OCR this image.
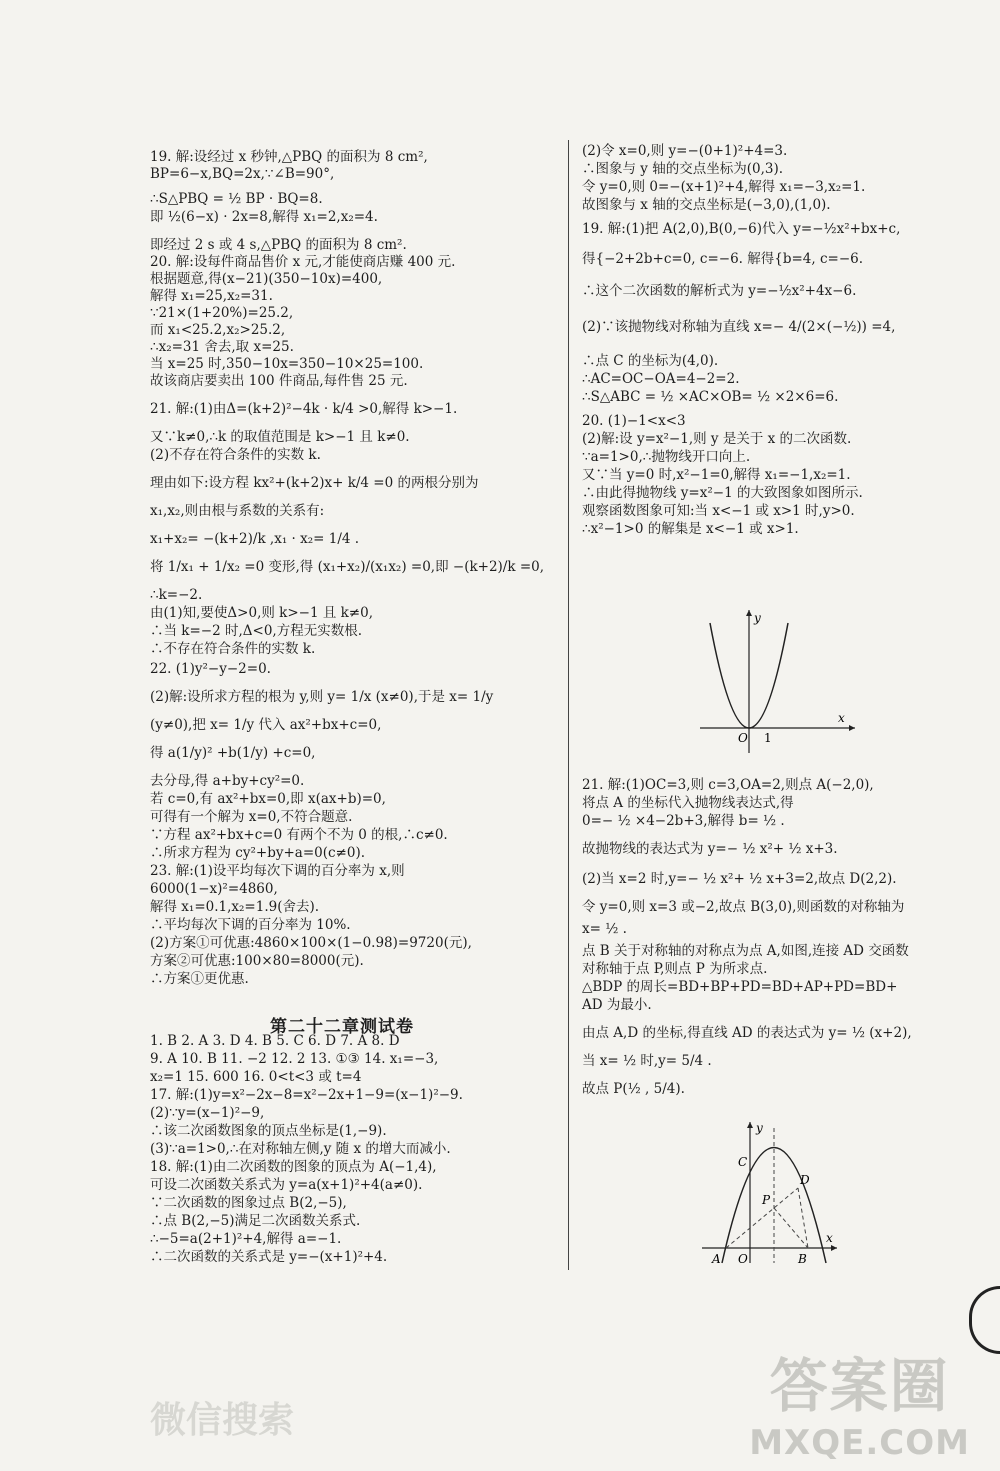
19. 解:设经过 x 秒钟,△PBQ 的面积为 8 cm²,
BP=6−x,BQ=2x,∵∠B=90°,
∴S△PBQ = ½ BP · BQ=8.
即 ½(6−x) · 2x=8,解得 x₁=2,x₂=4.
即经过 2 s 或 4 s,△PBQ 的面积为 8 cm².
20. 解:设每件商品售价 x 元,才能使商店赚 400 元.
根据题意,得(x−21)(350−10x)=400,
解得 x₁=25,x₂=31.
∵21×(1+20%)=25.2,
而 x₁<25.2,x₂>25.2,
∴x₂=31 舍去,取 x=25.
当 x=25 时,350−10x=350−10×25=100.
故该商店要卖出 100 件商品,每件售 25 元.
21. 解:(1)由Δ=(k+2)²−4k · k/4 >0,解得 k>−1.
又∵k≠0,∴k 的取值范围是 k>−1 且 k≠0.
(2)不存在符合条件的实数 k.
理由如下:设方程 kx²+(k+2)x+ k/4 =0 的两根分别为
x₁,x₂,则由根与系数的关系有:
x₁+x₂= −(k+2)/k ,x₁ · x₂= 1/4 .
将 1/x₁ + 1/x₂ =0 变形,得 (x₁+x₂)/(x₁x₂) =0,即 −(k+2)/k =0,
∴k=−2.
由(1)知,要使Δ>0,则 k>−1 且 k≠0,
∴当 k=−2 时,Δ<0,方程无实数根.
∴不存在符合条件的实数 k.
22. (1)y²−y−2=0.
(2)解:设所求方程的根为 y,则 y= 1/x (x≠0),于是 x= 1/y
(y≠0),把 x= 1/y 代入 ax²+bx+c=0,
得 a(1/y)² +b(1/y) +c=0,
去分母,得 a+by+cy²=0.
若 c=0,有 ax²+bx=0,即 x(ax+b)=0,
可得有一个解为 x=0,不符合题意.
∵方程 ax²+bx+c=0 有两个不为 0 的根,∴c≠0.
∴所求方程为 cy²+by+a=0(c≠0).
23. 解:(1)设平均每次下调的百分率为 x,则
6000(1−x)²=4860,
解得 x₁=0.1,x₂=1.9(舍去).
∴平均每次下调的百分率为 10%.
(2)方案①可优惠:4860×100×(1−0.98)=9720(元),
方案②可优惠:100×80=8000(元).
∴方案①更优惠.
第二十二章测试卷
1. B 2. A 3. D 4. B 5. C 6. D 7. A 8. D
9. A 10. B 11. −2 12. 2 13. ①③ 14. x₁=−3,
x₂=1 15. 600 16. 0<t<3 或 t=4
17. 解:(1)y=x²−2x−8=x²−2x+1−9=(x−1)²−9.
(2)∵y=(x−1)²−9,
∴该二次函数图象的顶点坐标是(1,−9).
(3)∵a=1>0,∴在对称轴左侧,y 随 x 的增大而减小.
18. 解:(1)由二次函数的图象的顶点为 A(−1,4),
可设二次函数关系式为 y=a(x+1)²+4(a≠0).
∵二次函数的图象过点 B(2,−5),
∴点 B(2,−5)满足二次函数关系式.
∴−5=a(2+1)²+4,解得 a=−1.
∴二次函数的关系式是 y=−(x+1)²+4.
(2)令 x=0,则 y=−(0+1)²+4=3.
∴图象与 y 轴的交点坐标为(0,3).
令 y=0,则 0=−(x+1)²+4,解得 x₁=−3,x₂=1.
故图象与 x 轴的交点坐标是(−3,0),(1,0).
19. 解:(1)把 A(2,0),B(0,−6)代入 y=−½x²+bx+c,
得{−2+2b+c=0, c=−6. 解得{b=4, c=−6.
∴这个二次函数的解析式为 y=−½x²+4x−6.
(2)∵该抛物线对称轴为直线 x=− 4/(2×(−½)) =4,
∴点 C 的坐标为(4,0).
∴AC=OC−OA=4−2=2.
∴S△ABC = ½ ×AC×OB= ½ ×2×6=6.
20. (1)−1<x<3
(2)解:设 y=x²−1,则 y 是关于 x 的二次函数.
∵a=1>0,∴抛物线开口向上.
又∵当 y=0 时,x²−1=0,解得 x₁=−1,x₂=1.
∴由此得抛物线 y=x²−1 的大致图象如图所示.
观察函数图象可知:当 x<−1 或 x>1 时,y>0.
∴x²−1>0 的解集是 x<−1 或 x>1.
x
y
O 1
21. 解:(1)OC=3,则 c=3,OA=2,则点 A(−2,0),
将点 A 的坐标代入抛物线表达式,得
0=− ½ ×4−2b+3,解得 b= ½ .
故抛物线的表达式为 y=− ½ x²+ ½ x+3.
(2)当 x=2 时,y=− ½ x²+ ½ x+3=2,故点 D(2,2).
令 y=0,则 x=3 或−2,故点 B(3,0),则函数的对称轴为
x= ½ .
点 B 关于对称轴的对称点为点 A,如图,连接 AD 交函数
对称轴于点 P,则点 P 为所求点.
△BDP 的周长=BD+BP+PD=BD+AP+PD=BD+
AD 为最小.
由点 A,D 的坐标,得直线 AD 的表达式为 y= ½ (x+2),
当 x= ½ 时,y= 5/4 .
故点 P(½ , 5/4).
A O	B
C
D
P
y
x
微信搜索	答案圈
MXQE.COM
